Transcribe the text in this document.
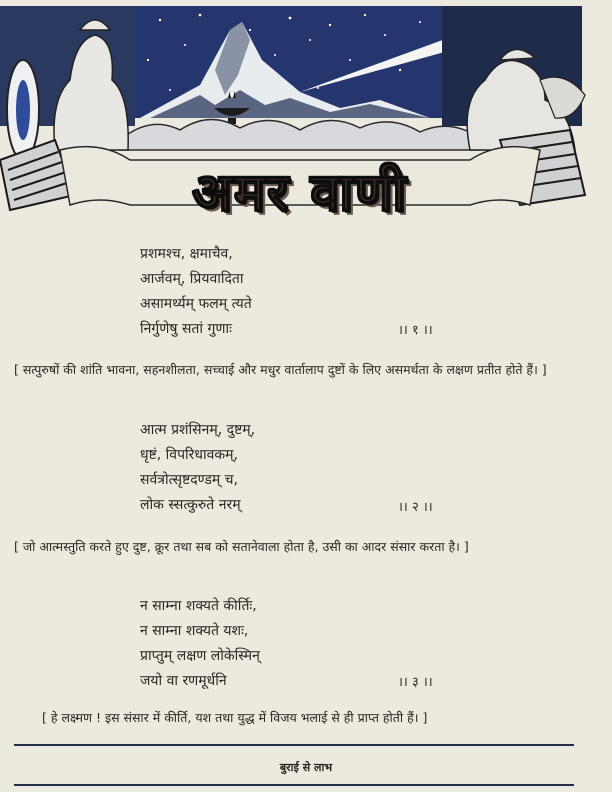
अमर वाणी
प्रशमश्च, क्षमाचैव,
आर्जवम्, प्रियवादिता
असामर्थ्यम् फलम् त्यते
निर्गुणेषु सतां गुणाः	।। १ ।।
[ सत्पुरुषों की शांति भावना, सहनशीलता, सच्चाई और मधुर वार्तालाप दुष्टों के लिए असमर्थता के लक्षण प्रतीत होते हैं। ]
आत्म प्रशंसिनम्, दुष्टम्,
धृष्टं, विपरिधावकम्,
सर्वत्रोत्सृष्टदण्डम् च,
लोक स्सत्कुरुते नरम्	।। २ ।।
[ जो आत्मस्तुति करते हुए दुष्ट, क्रूर तथा सब को सतानेवाला होता है, उसी का आदर संसार करता है। ]
न साम्ना शक्यते कीर्तिः,
न साम्ना शक्यते यशः,
प्राप्तुम् लक्षण लोकेस्मिन्
जयो वा रणमूर्धनि	।। ३ ।।
[ हे लक्ष्मण ! इस संसार में कीर्ति, यश तथा युद्ध में विजय भलाई से ही प्राप्त होती हैं। ]
बुराई से लाभ
